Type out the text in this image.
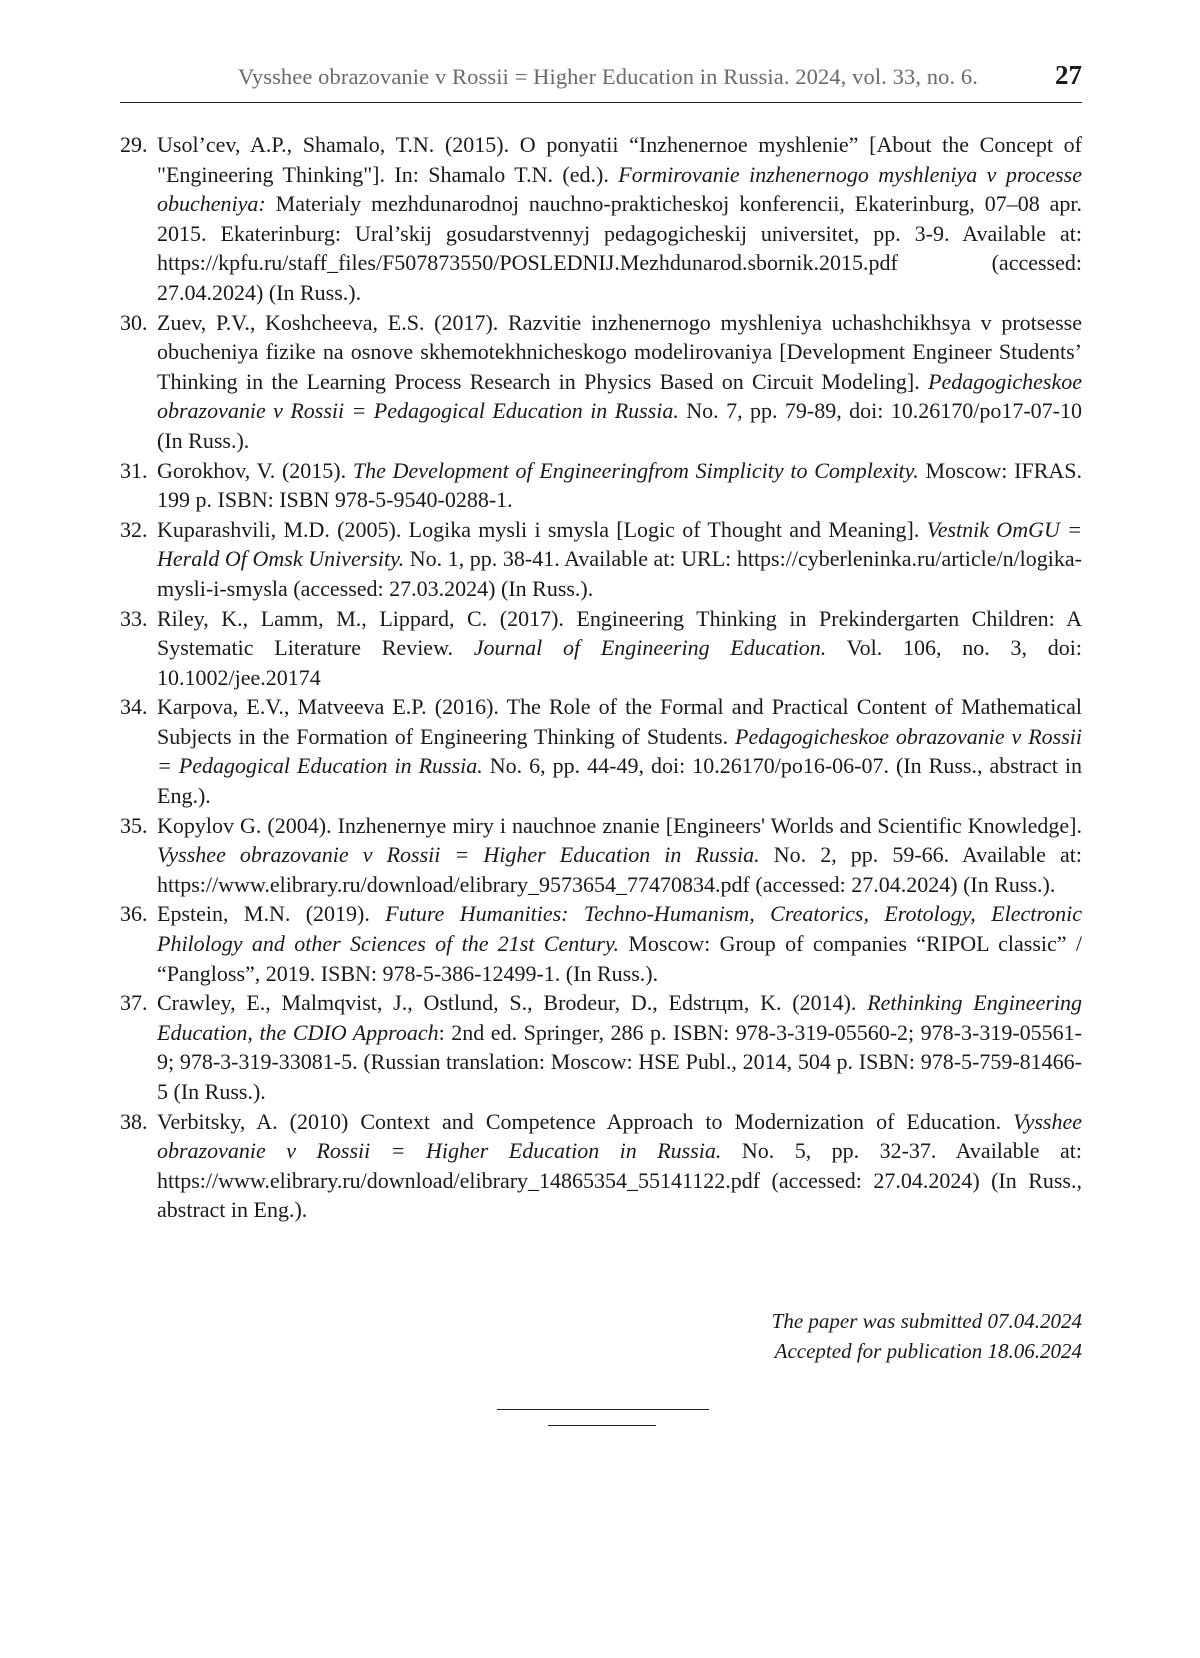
Vysshee obrazovanie v Rossii = Higher Education in Russia. 2024, vol. 33, no. 6.	27
29. Usol’cev, A.P., Shamalo, T.N. (2015). O ponyatii “Inzhenernoe myshlenie” [About the Concept of "Engineering Thinking"]. In: Shamalo T.N. (ed.). Formirovanie inzhenernogo myshleniya v processe obucheniya: Materialy mezhdunarodnoj nauchno-prakticheskoj konferencii, Ekaterinburg, 07–08 apr. 2015. Ekaterinburg: Ural’skij gosudarstvennyj pedagogicheskij universitet, pp. 3-9. Available at: https://kpfu.ru/staff_files/F507873550/POSLEDNIJ.Mezhdunarod.sbornik.2015.pdf (accessed: 27.04.2024) (In Russ.).
30. Zuev, P.V., Koshcheeva, E.S. (2017). Razvitie inzhenernogo myshleniya uchashchikhsya v protsesse obucheniya fizike na osnove skhemotekhnicheskogo modelirovaniya [Development Engineer Students’ Thinking in the Learning Process Research in Physics Based on Circuit Modeling]. Pedagogicheskoe obrazovanie v Rossii = Pedagogical Education in Russia. No. 7, pp. 79-89, doi: 10.26170/po17-07-10 (In Russ.).
31. Gorokhov, V. (2015). The Development of Engineeringfrom Simplicity to Complexity. Moscow: IFRAS. 199 p. ISBN: ISBN 978-5-9540-0288-1.
32. Kuparashvili, M.D. (2005). Logika mysli i smysla [Logic of Thought and Meaning]. Vestnik OmGU = Herald Of Omsk University. No. 1, pp. 38-41. Available at: URL: https://cyberleninka.ru/article/n/logika-mysli-i-smysla (accessed: 27.03.2024) (In Russ.).
33. Riley, K., Lamm, M., Lippard, C. (2017). Engineering Thinking in Prekindergarten Children: A Systematic Literature Review. Journal of Engineering Education. Vol. 106, no. 3, doi: 10.1002/jee.20174
34. Karpova, E.V., Matveeva E.P. (2016). The Role of the Formal and Practical Content of Mathematical Subjects in the Formation of Engineering Thinking of Students. Pedagogicheskoe obrazovanie v Rossii = Pedagogical Education in Russia. No. 6, pp. 44-49, doi: 10.26170/po16-06-07. (In Russ., abstract in Eng.).
35. Kopylov G. (2004). Inzhenernye miry i nauchnoe znanie [Engineers' Worlds and Scientific Knowledge]. Vysshee obrazovanie v Rossii = Higher Education in Russia. No. 2, pp. 59-66. Available at: https://www.elibrary.ru/download/elibrary_9573654_77470834.pdf (accessed: 27.04.2024) (In Russ.).
36. Epstein, M.N. (2019). Future Humanities: Techno-Humanism, Creatorics, Erotology, Electronic Philology and other Sciences of the 21st Century. Moscow: Group of companies “RIPOL classic” / “Pangloss”, 2019. ISBN: 978-5-386-12499-1. (In Russ.).
37. Crawley, E., Malmqvist, J., Ostlund, S., Brodeur, D., Edstrцm, K. (2014). Rethinking Engineering Education, the CDIO Approach: 2nd ed. Springer, 286 p. ISBN: 978-3-319-05560-2; 978-3-319-05561-9; 978-3-319-33081-5. (Russian translation: Moscow: HSE Publ., 2014, 504 p. ISBN: 978-5-759-81466-5 (In Russ.).
38. Verbitsky, A. (2010) Context and Competence Approach to Modernization of Education. Vysshee obrazovanie v Rossii = Higher Education in Russia. No. 5, pp. 32-37. Available at: https://www.elibrary.ru/download/elibrary_14865354_55141122.pdf (accessed: 27.04.2024) (In Russ., abstract in Eng.).
The paper was submitted 07.04.2024
Accepted for publication 18.06.2024
